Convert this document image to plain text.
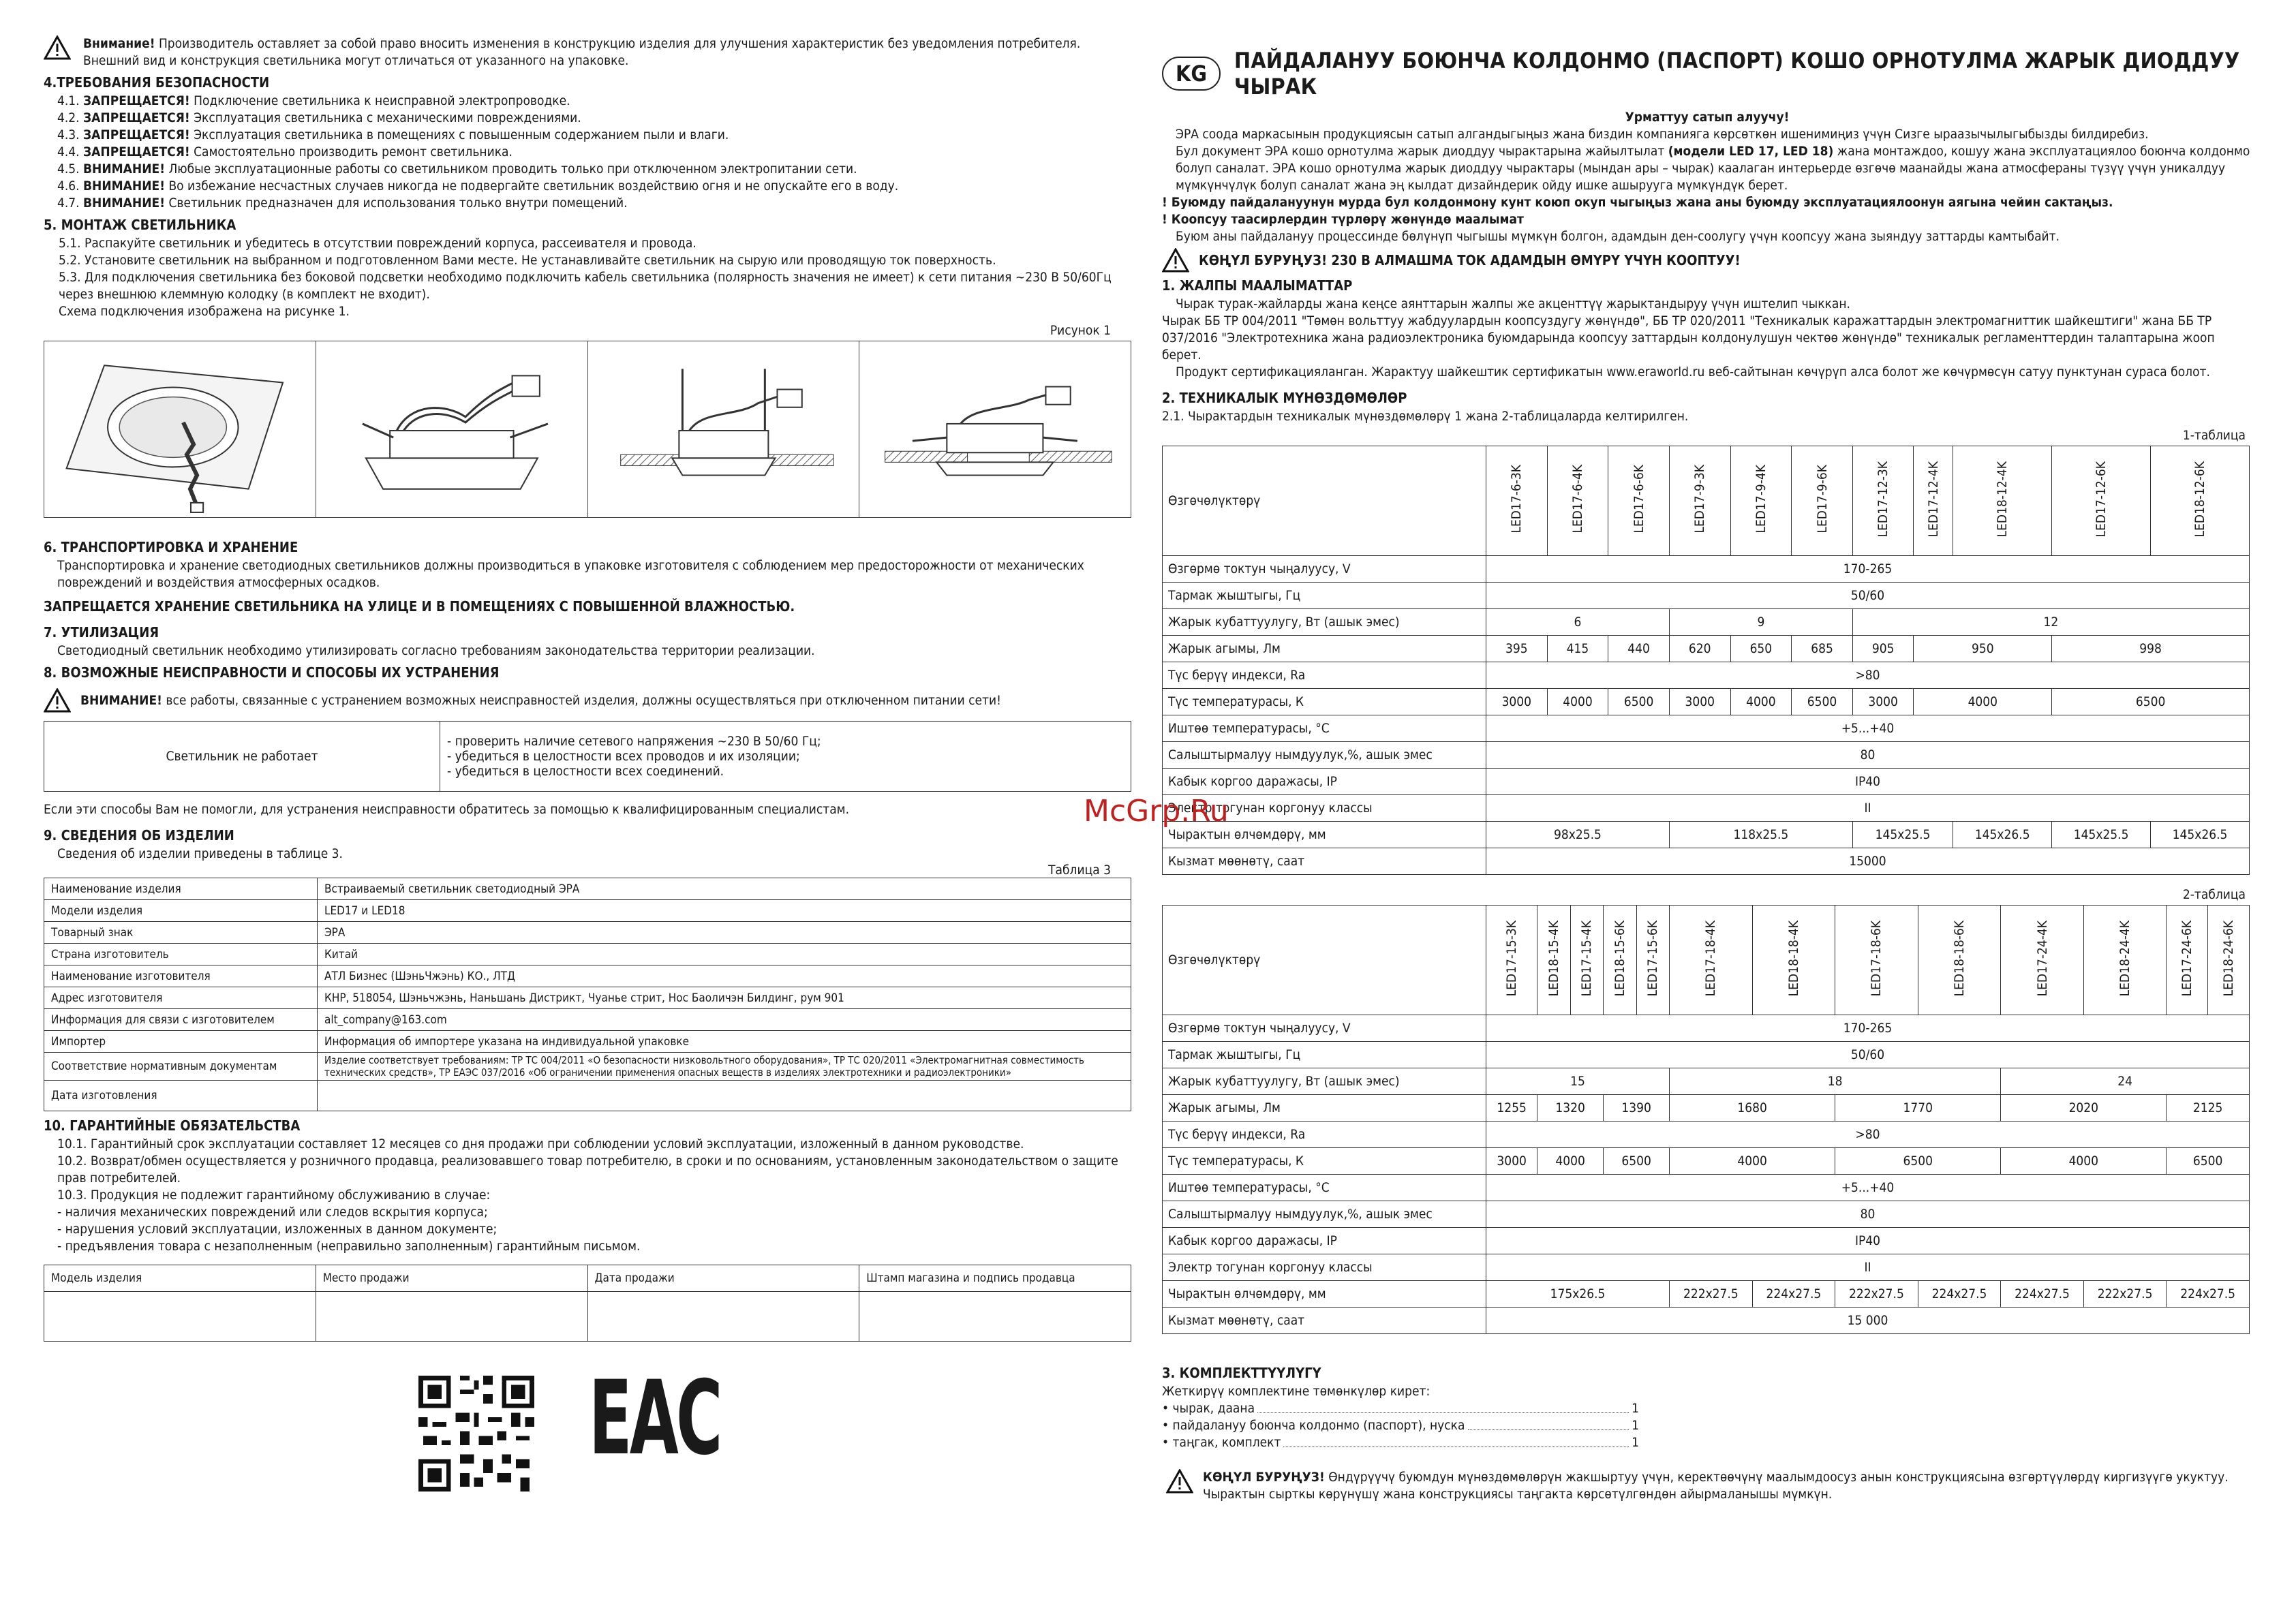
Внимание! Производитель оставляет за собой право вносить изменения в конструкцию изделия для улучшения характеристик без уведомления потребителя. Внешний вид и конструкция светильника могут отличаться от указанного на упаковке.

4.ТРЕБОВАНИЯ БЕЗОПАСНОСТИ

4.1. ЗАПРЕЩАЕТСЯ! Подключение светильника к неисправной электропроводке.

4.2. ЗАПРЕЩАЕТСЯ! Эксплуатация светильника с механическими повреждениями.

4.3. ЗАПРЕЩАЕТСЯ! Эксплуатация светильника в помещениях с повышенным содержанием пыли и влаги.

4.4. ЗАПРЕЩАЕТСЯ! Самостоятельно производить ремонт светильника.

4.5. ВНИМАНИЕ! Любые эксплуатационные работы со светильником проводить только при отключенном электропитании сети.

4.6. ВНИМАНИЕ! Во избежание несчастных случаев никогда не подвергайте светильник воздействию огня и не опускайте его в воду.

4.7. ВНИМАНИЕ! Светильник предназначен для использования только внутри помещений.

5. МОНТАЖ СВЕТИЛЬНИКА

5.1. Распакуйте светильник и убедитесь в отсутствии повреждений корпуса, рассеивателя и провода.

5.2. Установите светильник на выбранном и подготовленном Вами месте. Не устанавливайте светильник на сырую или проводящую ток поверхность.

5.3. Для подключения светильника без боковой подсветки необходимо подключить кабель светильника (полярность значения не имеет) к сети питания ~230 В 50/60Гц через внешнюю клеммную колодку (в комплект не входит).

Схема подключения изображена на рисунке 1.

Рисунок 1
6. ТРАНСПОРТИРОВКА И ХРАНЕНИЕ

Транспортировка и хранение светодиодных светильников должны производиться в упаковке изготовителя с соблюдением мер предосторожности от механических повреждений и воздействия атмосферных осадков.

ЗАПРЕЩАЕТСЯ ХРАНЕНИЕ СВЕТИЛЬНИКА НА УЛИЦЕ И В ПОМЕЩЕНИЯХ С ПОВЫШЕННОЙ ВЛАЖНОСТЬЮ.

7. УТИЛИЗАЦИЯ

Светодиодный светильник необходимо утилизировать согласно требованиям законодательства территории реализации.

8. ВОЗМОЖНЫЕ НЕИСПРАВНОСТИ И СПОСОБЫ ИХ УСТРАНЕНИЯ

ВНИМАНИЕ! все работы, связанные с устранением возможных неисправностей изделия, должны осуществляться при отключенном питании сети!

Светильник не работает	
- проверить наличие сетевого напряжения ~230 В 50/60 Гц;
- убедиться в целостности всех проводов и их изоляции;
- убедиться в целостности всех соединений.

Если эти способы Вам не помогли, для устранения неисправности обратитесь за помощью к квалифицированным специалистам.

9. СВЕДЕНИЯ ОБ ИЗДЕЛИИ

Сведения об изделии приведены в таблице 3.

Таблица 3
Наименование изделия	Встраиваемый светильник светодиодный ЭРА
Модели изделия	LED17 и LED18
Товарный знак	ЭРА
Страна изготовитель	Китай
Наименование изготовителя	АТЛ Бизнес (ШэньЧжэнь) КО., ЛТД
Адрес изготовителя	КНР, 518054, Шэньчжэнь, Наньшань Дистрикт, Чуанье стрит, Нос Баоличэн Билдинг, рум 901
Информация для связи с изготовителем	alt_company@163.com
Импортер	Информация об импортере указана на индивидуальной упаковке
Соответствие нормативным документам	Изделие соответствует требованиям: ТР ТС 004/2011 «О безопасности низковольтного оборудования», ТР ТС 020/2011 «Электромагнитная совместимость технических средств», ТР ЕАЭС 037/2016 «Об ограничении применения опасных веществ в изделиях электротехники и радиоэлектроники»
Дата изготовления	
10. ГАРАНТИЙНЫЕ ОБЯЗАТЕЛЬСТВА

10.1. Гарантийный срок эксплуатации составляет 12 месяцев со дня продажи при соблюдении условий эксплуатации, изложенный в данном руководстве.

10.2. Возврат/обмен осуществляется у розничного продавца, реализовавшего товар потребителю, в сроки и по основаниям, установленным законодательством о защите прав потребителей.

10.3. Продукция не подлежит гарантийному обслуживанию в случае:

- наличия механических повреждений или следов вскрытия корпуса;

- нарушения условий эксплуатации, изложенных в данном документе;

- предъявления товара с незаполненным (неправильно заполненным) гарантийным письмом.

Модель изделия	Место продажи	Дата продажи	Штамп магазина и подпись продавца

ЕАС
KG	ПАЙДАЛАНУУ БОЮНЧА КОЛДОНМО (ПАСПОРТ) КОШО ОРНОТУЛМА ЖАРЫК ДИОДДУУ ЧЫРАК

Урматтуу сатып алуучу!

ЭРА соода маркасынын продукциясын сатып алгандыгыңыз жана биздин компанияга көрсөткөн ишенимиңиз үчүн Сизге ыраазычылыгыбызды билдиребиз.

Бул документ ЭРА кошо орнотулма жарык диоддуу чырактарына жайылтылат (модели LED 17, LED 18) жана монтаждоо, кошуу жана эксплуатациялоо боюнча колдонмо болуп саналат. ЭРА кошо орнотулма жарык диоддуу чырактары (мындан ары – чырак) каалаган интерьерде өзгөчө маанайды жана атмосфераны түзүү үчүн уникалдуу мүмкүнчүлүк болуп саналат жана эң кылдат дизайндерик ойду ишке ашырууга мүмкүндүк берет.

! Буюмду пайдалануунун мурда бул колдонмону кунт коюп окуп чыгыңыз жана аны буюмду эксплуатациялоонун аягына чейин сактаңыз.

! Коопсуу таасирлердин түрлөрү жөнүндө маалымат

Буюм аны пайдалануу процессинде бөлүнүп чыгышы мүмкүн болгон, адамдын ден-соолугу үчүн коопсуу жана зыяндуу заттарды камтыбайт.

КӨҢҮЛ БУРУҢУЗ! 230 В АЛМАШМА ТОК АДАМДЫН ӨМҮРҮ ҮЧҮН КООПТУУ!
1. ЖАЛПЫ МААЛЫМАТТАР

Чырак турак-жайларды жана кеңсе аянттарын жалпы же акценттүү жарыктандыруу үчүн иштелип чыккан.

Чырак ББ ТР 004/2011 "Төмөн вольттуу жабдуулардын коопсуздугу жөнүндө", ББ ТР 020/2011 "Техникалык каражаттардын электромагниттик шайкештиги" жана ББ ТР 037/2016 "Электротехника жана радиоэлектроника буюмдарында коопсуу заттардын колдонулушун чектөө жөнүндө" техникалык регламенттердин талаптарына жооп берет.

Продукт сертификацияланган. Жарактуу шайкештик сертификатын www.eraworld.ru веб-сайтынан көчүрүп алса болот же көчүрмөсүн сатуу пунктунан сураса болот.

2. ТЕХНИКАЛЫК МҮНӨЗДӨМӨЛӨР

2.1. Чырактардын техникалык мүнөздөмөлөрү 1 жана 2-таблицаларда келтирилген.

1-таблица
Өзгөчөлүктөрү	LED17-6-3K	LED17-6-4K	LED17-6-6K	LED17-9-3K	LED17-9-4K	LED17-9-6K	LED17-12-3K	LED17-12-4K	LED18-12-4K	LED17-12-6K	LED18-12-6K
Өзгөрмө токтун чыңалуусу, V	170-265										
Тармак жыштыгы, Гц	50/60										
Жарык кубаттуулугу, Вт (ашык эмес)	6			9			12				
Жарык агымы, Лм	395	415	440	620	650	685	905	950		998	
Түс берүү индекси, Ra	>80										
Түс температурасы, К	3000	4000	6500	3000	4000	6500	3000	4000		6500	
Иштөө температурасы, °С	+5...+40										
Салыштырмалуу нымдуулук,%, ашык эмес	80										
Кабык коргоо даражасы, IP	IP40										
Электр тогунан коргонуу классы	II										
Чырактын өлчөмдөрү, мм	98x25.5			118x25.5			145x25.5		145x26.5	145x25.5	145x26.5
Кызмат мөөнөтү, саат	15000										
2-таблица
Өзгөчөлүктөрү	LED17-15-3K	LED18-15-4K	LED17-15-4K	LED18-15-6K	LED17-15-6K	LED17-18-4K	LED18-18-4K	LED17-18-6K	LED18-18-6K	LED17-24-4K	LED18-24-4K	LED17-24-6K	LED18-24-6K
Өзгөрмө токтун чыңалуусу, V	170-265												
Тармак жыштыгы, Гц	50/60												
Жарык кубаттуулугу, Вт (ашык эмес)	15					18				24			
Жарык агымы, Лм	1255	1320		1390		1680		1770		2020		2125	
Түс берүү индекси, Ra	>80												
Түс температурасы, К	3000	4000		6500		4000		6500		4000		6500	
Иштөө температурасы, °С	+5...+40												
Салыштырмалуу нымдуулук,%, ашык эмес	80												
Кабык коргоо даражасы, IP	IP40												
Электр тогунан коргонуу классы	II												
Чырактын өлчөмдөрү, мм	175x26.5					222x27.5	224x27.5	222x27.5	224x27.5	224x27.5	222x27.5	224x27.5	
Кызмат мөөнөтү, саат	15 000												
3. КОМПЛЕКТТҮҮЛҮГҮ

Жеткирүү комплектине төмөнкүлөр кирет:

• чырак, даана	1
• пайдалануу боюнча колдонмо (паспорт), нуска	1
• таңгак, комплект	1

КӨҢҮЛ БУРУҢУЗ! Өндүрүүчү буюмдун мүнөздөмөлөрүн жакшыртуу үчүн, керектөөчүнү маалымдоосуз анын конструкциясына өзгөртүүлөрдү киргизүүгө укуктуу. Чырактын сырткы көрүнүшү жана конструкциясы таңгакта көрсөтүлгөндөн айырмаланышы мүмкүн.

McGrp.Ru
